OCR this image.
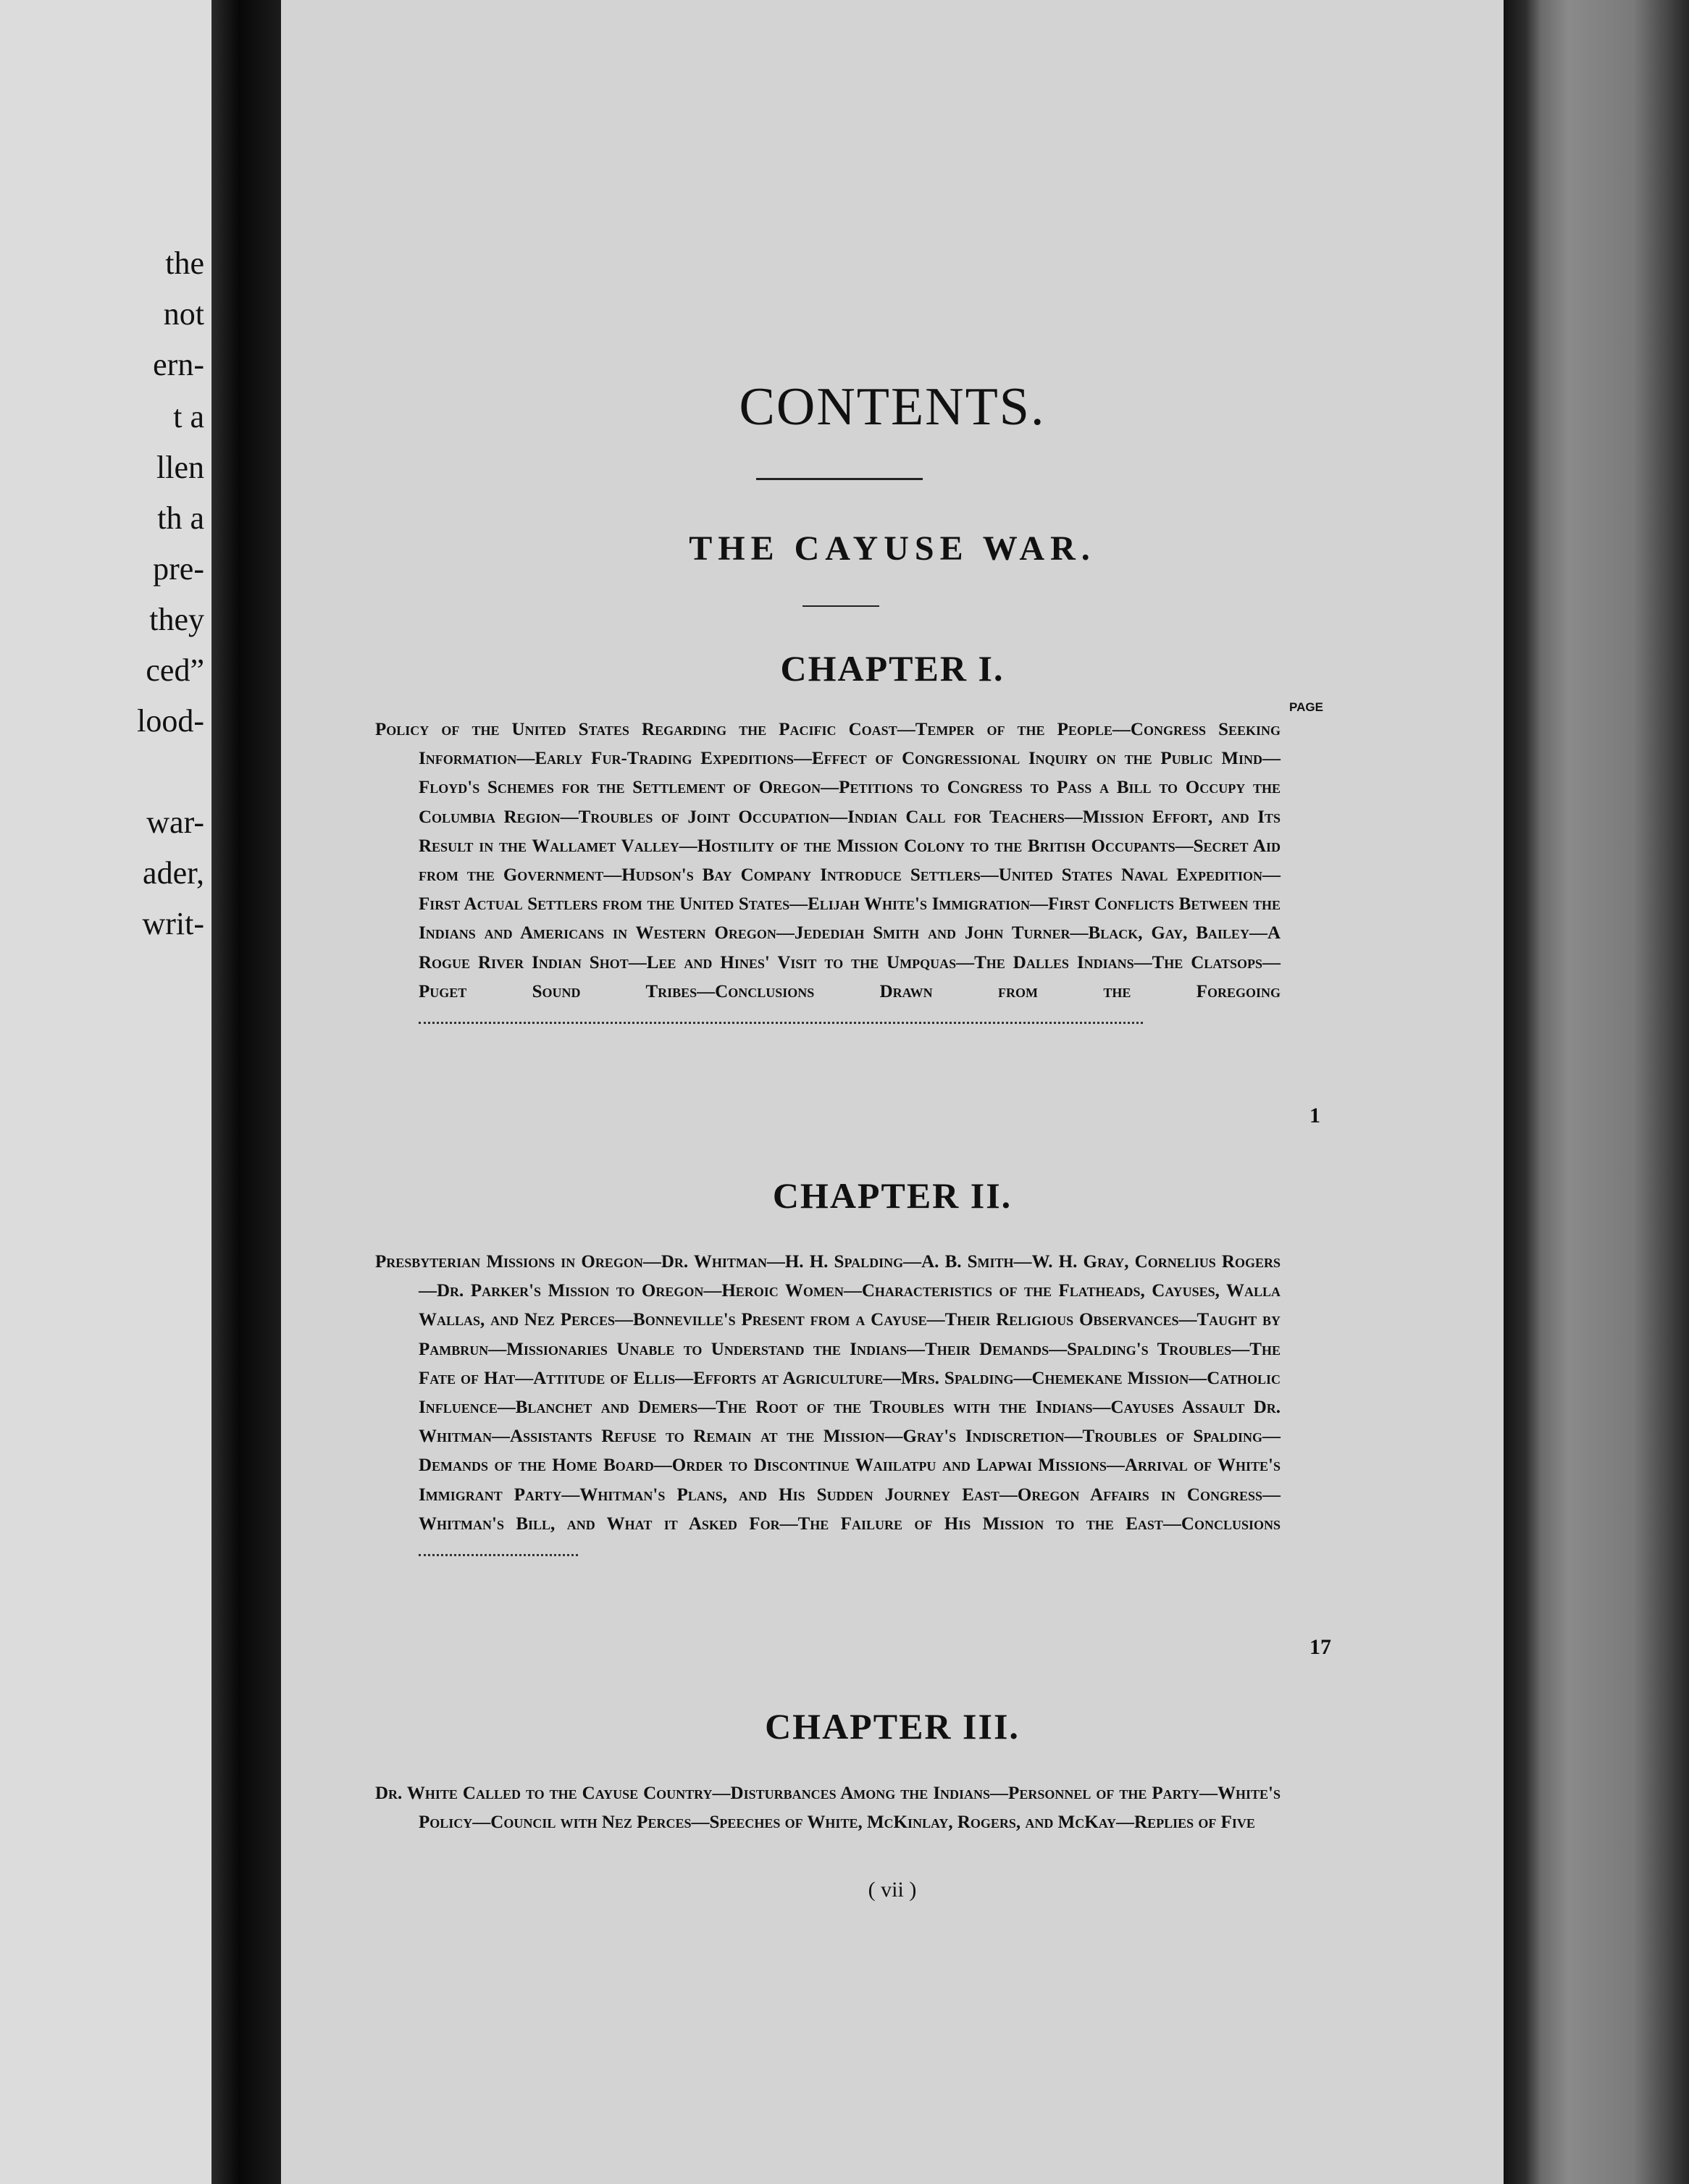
the
not
ern-
t a
llen
th a
pre-
they
ced”
lood-
war-
ader,
writ-
CONTENTS.
THE CAYUSE WAR.
CHAPTER I.
PAGE
Policy of the United States Regarding the Pacific Coast—Temper of the People—Congress Seeking Information—Early Fur-Trading Expeditions—Effect of Congressional Inquiry on the Public Mind—Floyd's Schemes for the Settlement of Oregon—Petitions to Congress to Pass a Bill to Occupy the Columbia Region—Troubles of Joint Occupation—Indian Call for Teachers—Mission Effort, and Its Result in the Wallamet Valley—Hostility of the Mission Colony to the British Occupants—Secret Aid from the Government—Hudson's Bay Company Introduce Settlers—United States Naval Expedition—First Actual Settlers from the United States—Elijah White's Immigration—First Conflicts Between the Indians and Americans in Western Oregon—Jedediah Smith and John Turner—Black, Gay, Bailey—A Rogue River Indian Shot—Lee and Hines' Visit to the Umpquas—The Dalles Indians—The Clatsops—Puget Sound Tribes—Conclusions Drawn from the Foregoing
1
CHAPTER II.
Presbyterian Missions in Oregon—Dr. Whitman—H. H. Spalding—A. B. Smith—W. H. Gray, Cornelius Rogers—Dr. Parker's Mission to Oregon—Heroic Women—Characteristics of the Flatheads, Cayuses, Walla Wallas, and Nez Perces—Bonneville's Present from a Cayuse—Their Religious Observances—Taught by Pambrun—Missionaries Unable to Understand the Indians—Their Demands—Spalding's Troubles—The Fate of Hat—Attitude of Ellis—Efforts at Agriculture—Mrs. Spalding—Chemekane Mission—Catholic Influence—Blanchet and Demers—The Root of the Troubles with the Indians—Cayuses Assault Dr. Whitman—Assistants Refuse to Remain at the Mission—Gray's Indiscretion—Troubles of Spalding—Demands of the Home Board—Order to Discontinue Waiilatpu and Lapwai Missions—Arrival of White's Immigrant Party—Whitman's Plans, and His Sudden Journey East—Oregon Affairs in Congress—Whitman's Bill, and What it Asked For—The Failure of His Mission to the East—Conclusions
17
CHAPTER III.
Dr. White Called to the Cayuse Country—Disturbances Among the Indians—Personnel of the Party—White's Policy—Council with Nez Perces—Speeches of White, McKinlay, Rogers, and McKay—Replies of Five
( vii )
